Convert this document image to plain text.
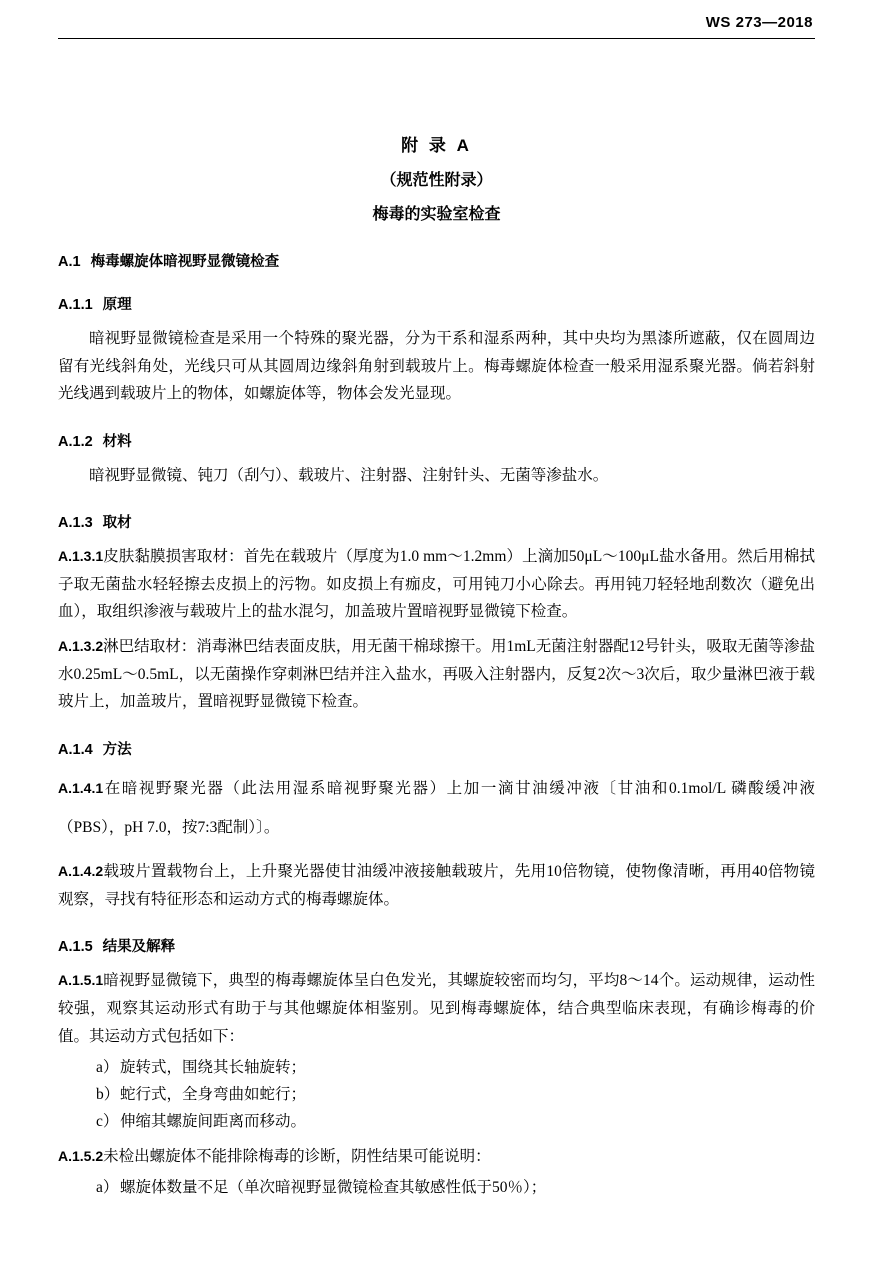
WS 273—2018
附 录 A
（规范性附录）
梅毒的实验室检查
A.1 梅毒螺旋体暗视野显微镜检查
A.1.1 原理

暗视野显微镜检查是采用一个特殊的聚光器，分为干系和湿系两种，其中央均为黑漆所遮蔽，仅在圆周边留有光线斜角处，光线只可从其圆周边缘斜角射到载玻片上。梅毒螺旋体检查一般采用湿系聚光器。倘若斜射光线遇到载玻片上的物体，如螺旋体等，物体会发光显现。

A.1.2 材料

暗视野显微镜、钝刀（刮勺）、载玻片、注射器、注射针头、无菌等渗盐水。

A.1.3 取材

A.1.3.1皮肤黏膜损害取材：首先在载玻片（厚度为1.0 mm～1.2mm）上滴加50μL～100μL盐水备用。然后用棉拭子取无菌盐水轻轻擦去皮损上的污物。如皮损上有痂皮，可用钝刀小心除去。再用钝刀轻轻地刮数次（避免出血），取组织渗液与载玻片上的盐水混匀，加盖玻片置暗视野显微镜下检查。

A.1.3.2淋巴结取材：消毒淋巴结表面皮肤，用无菌干棉球擦干。用1mL无菌注射器配12号针头，吸取无菌等渗盐水0.25mL～0.5mL，以无菌操作穿刺淋巴结并注入盐水，再吸入注射器内，反复2次～3次后，取少量淋巴液于载玻片上，加盖玻片，置暗视野显微镜下检查。

A.1.4 方法

A.1.4.1在暗视野聚光器（此法用湿系暗视野聚光器）上加一滴甘油缓冲液〔甘油和0.1mol/L 磷酸缓冲液（PBS），pH 7.0，按7:3配制）〕。

A.1.4.2载玻片置载物台上，上升聚光器使甘油缓冲液接触载玻片，先用10倍物镜，使物像清晰，再用40倍物镜观察，寻找有特征形态和运动方式的梅毒螺旋体。

A.1.5 结果及解释

A.1.5.1暗视野显微镜下，典型的梅毒螺旋体呈白色发光，其螺旋较密而均匀，平均8～14个。运动规律，运动性较强，观察其运动形式有助于与其他螺旋体相鉴别。见到梅毒螺旋体，结合典型临床表现，有确诊梅毒的价值。其运动方式包括如下：

a） 旋转式，围绕其长轴旋转；
b） 蛇行式，全身弯曲如蛇行；
c） 伸缩其螺旋间距离而移动。

A.1.5.2未检出螺旋体不能排除梅毒的诊断，阴性结果可能说明：

a） 螺旋体数量不足（单次暗视野显微镜检查其敏感性低于50％）；
